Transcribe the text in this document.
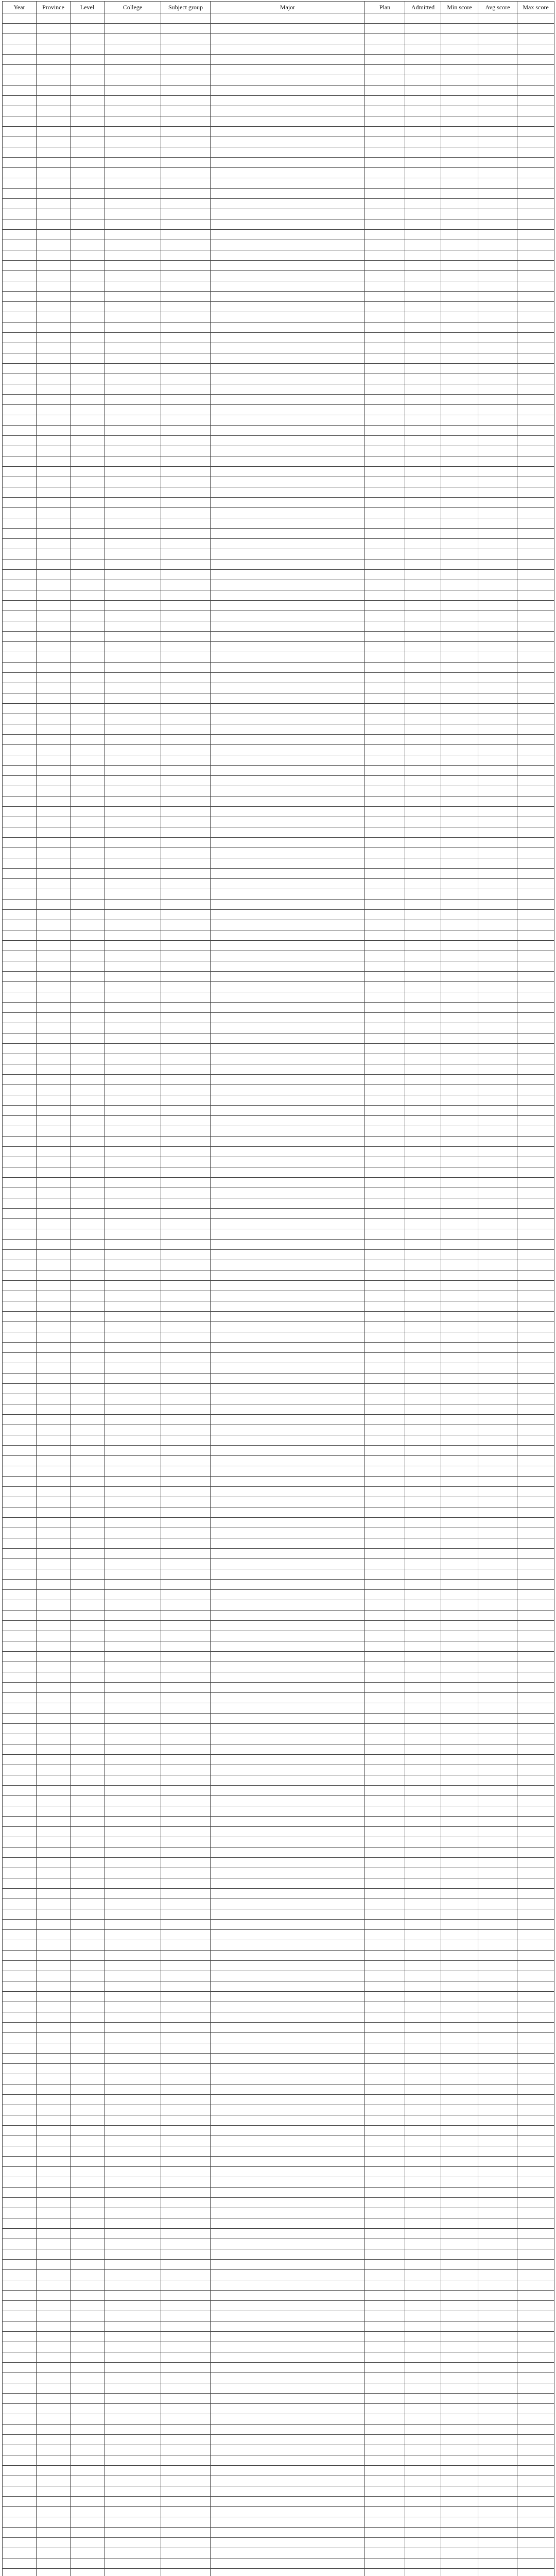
Year	Province	Level	College	Subject group	Major	Plan	Admitted	Min score	Avg score	Max score
